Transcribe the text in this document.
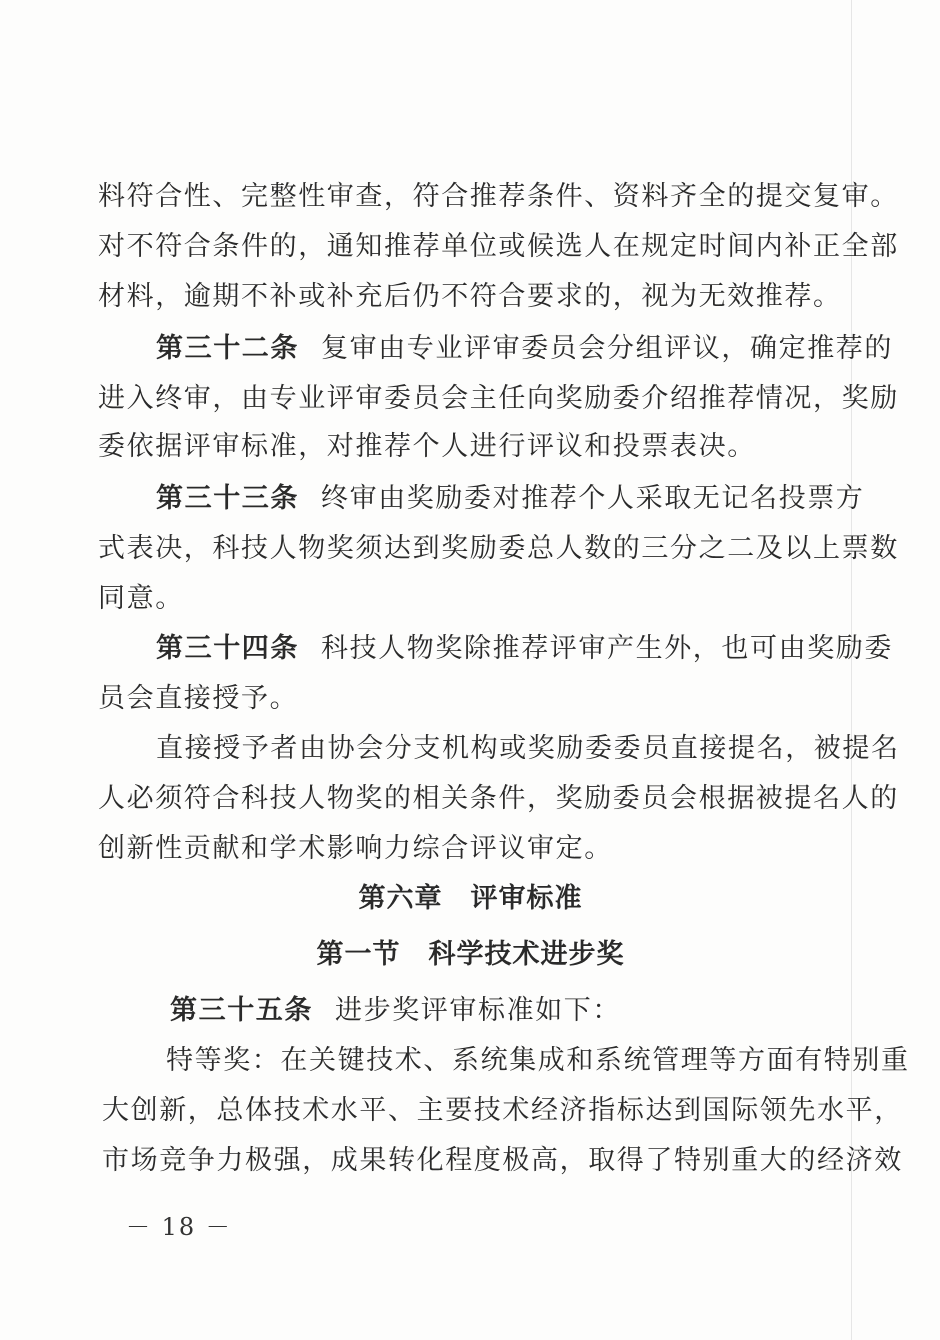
料符合性、完整性审查，符合推荐条件、资料齐全的提交复审。
对不符合条件的，通知推荐单位或候选人在规定时间内补正全部
材料，逾期不补或补充后仍不符合要求的，视为无效推荐。
第三十二条 复审由专业评审委员会分组评议，确定推荐的
进入终审，由专业评审委员会主任向奖励委介绍推荐情况，奖励
委依据评审标准，对推荐个人进行评议和投票表决。
第三十三条 终审由奖励委对推荐个人采取无记名投票方
式表决，科技人物奖须达到奖励委总人数的三分之二及以上票数
同意。
第三十四条 科技人物奖除推荐评审产生外，也可由奖励委
员会直接授予。
直接授予者由协会分支机构或奖励委委员直接提名，被提名
人必须符合科技人物奖的相关条件，奖励委员会根据被提名人的
创新性贡献和学术影响力综合评议审定。
第六章 评审标准
第一节 科学技术进步奖
第三十五条 进步奖评审标准如下：
特等奖：在关键技术、系统集成和系统管理等方面有特别重
大创新，总体技术水平、主要技术经济指标达到国际领先水平，
市场竞争力极强，成果转化程度极高，取得了特别重大的经济效
－ 18 －
